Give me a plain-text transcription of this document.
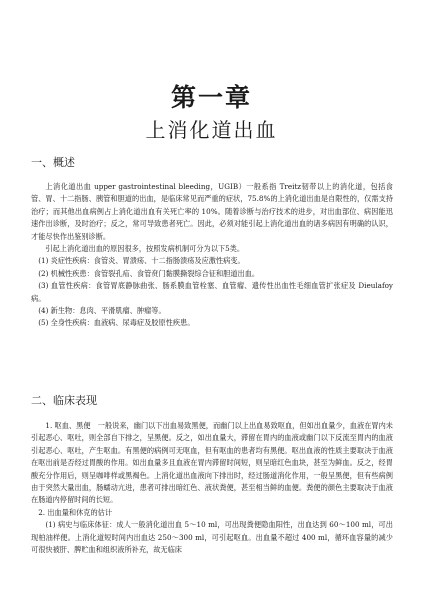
第一章
上消化道出血
一、概述

上消化道出血 upper gastrointestinal bleeding，UGIB）一般系指 Treitz韧带以上的消化道，包括食管、胃、十二指肠、胰管和胆道的出血，是临床常见而严重的症状，75.8%的上消化道出血是自限性的，仅需支持治疗；而其他出血病例占上消化道出血有关死亡率的 10%。随着诊断与治疗技术的进步，对出血部位、病因能迅速作出诊断，及时治疗；反之，常可导致患者死亡。因此，必须对能引起上消化道出血的诸多病因有明确的认识，才能尽快作出鉴别诊断。

引起上消化道出血的原因很多，按照发病机制可分为以下5类。

(1) 炎症性疾病：食管炎、胃溃疡、十二指肠溃疡及应激性病变。

(2) 机械性疾患：食管裂孔疝、食管贲门黏膜撕裂综合征和胆道出血。

(3) 血管性疾病：食管胃底静脉曲张、肠系膜血管栓塞、血管瘤、遗传性出血性毛细血管扩张症及 Dieulafoy病。

(4) 新生物：息肉、平滑肌瘤、肿瘤等。

(5) 全身性疾病：血液病、尿毒症及胶原性疾患。

二、临床表现

1. 呕血、黑便　一般说来，幽门以下出血易致黑便，而幽门以上出血易致呕血，但如出血量少，血液在胃内未引起恶心、呕吐，则全部自下排之，呈黑便。反之，如出血量大，滞留在胃内的血液或幽门以下反流至胃内的血液引起恶心、呕吐，产生呕血。有黑便的病例可无呕血，但有呕血的患者均有黑便。呕出血液的性质主要取决于血液在呕出前是否经过胃酸的作用。如出血量多且血液在胃内滞留时间短，则呈暗红色血块，甚至为鲜血。反之，经胃酸充分作用后，则呈咖啡样或黑褐色。上消化道出血液向下排出时，经过肠道消化作用，一般呈黑便，但有些病例由于突然大量出血，肠蠕动亢进，患者可排出暗红色、液状粪便，甚至相当鲜的血便。粪便的颜色主要取决于血液在肠道内停留时间的长短。

2. 出血量和休克的估计

(1) 病史与临床体征：成人一般消化道出血 5～10 ml，可出现粪便隐血阳性，出血达到 60～100 ml，可出现柏油样便。上消化道短时间内出血达 250～300 ml，可引起呕血。出血量不超过 400 ml，循环血容量的减少可很快被肝、脾贮血和组织液所补充，故无临床
